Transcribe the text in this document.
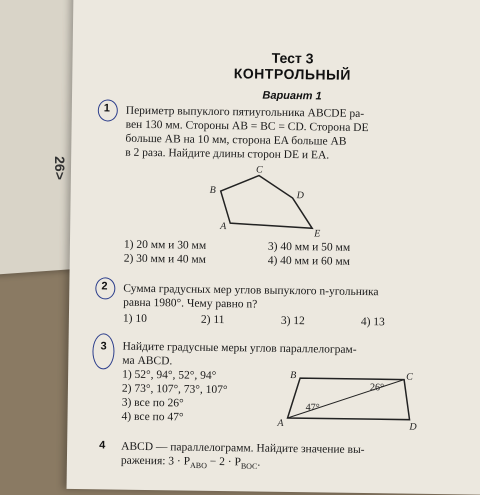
26>
Тест 3
КОНТРОЛЬНЫЙ
Вариант 1
1 Периметр выпуклого пятиугольника ABCDE ра-
вен 130 мм. Стороны AB = BC = CD. Сторона DE
больше AB на 10 мм, сторона EA больше AB
в 2 раза. Найдите длины сторон DE и EA.
C
B	D
A
E
1) 20 мм и 30 мм
2) 30 мм и 40 мм
3) 40 мм и 50 мм
4) 40 мм и 60 мм
2 Сумма градусных мер углов выпуклого n-угольника
равна 1980°. Чему равно n?
1) 10	2) 11	3) 12	4) 13
3 Найдите градусные меры углов параллелограм-
ма ABCD.
1) 52°, 94°, 52°, 94°
2) 73°, 107°, 73°, 107°
3) все по 26°
4) все по 47°
B	C
A	D
26°
47°
4 ABCD — параллелограмм. Найдите значение вы-
ражения: $3 \cdot P_{ABO} - 2 \cdot P_{BOC}$.
